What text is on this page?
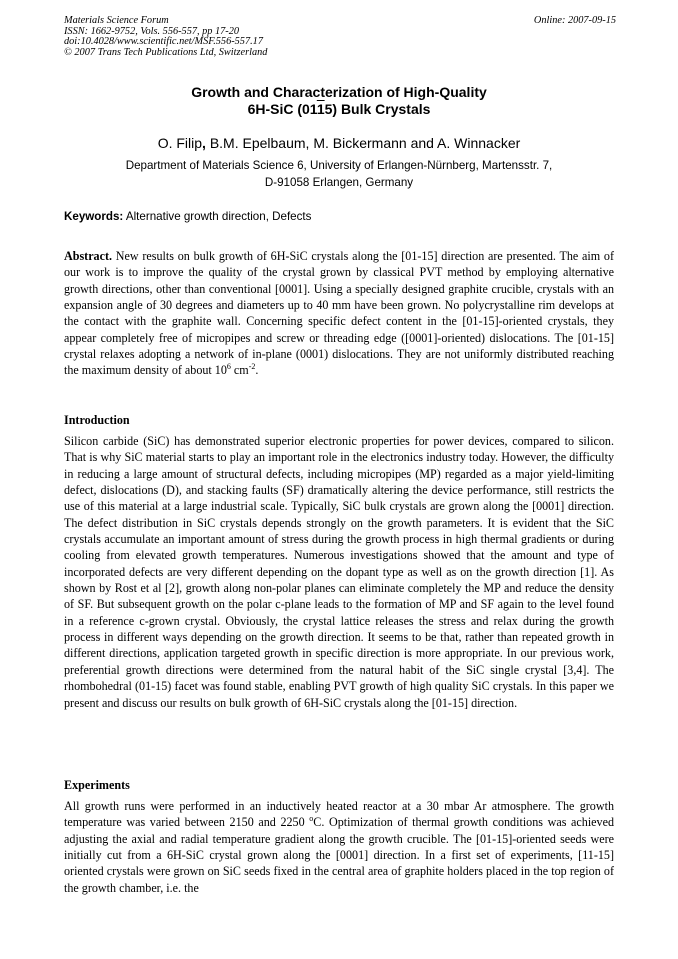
Materials Science Forum
ISSN: 1662-9752, Vols. 556-557, pp 17-20
doi:10.4028/www.scientific.net/MSF.556-557.17
© 2007 Trans Tech Publications Ltd, Switzerland
Online: 2007-09-15
Growth and Characterization of High-Quality
6H-SiC (0115) Bulk Crystals
O. Filip, B.M. Epelbaum, M. Bickermann and A. Winnacker
Department of Materials Science 6, University of Erlangen-Nürnberg, Martensstr. 7,
D-91058 Erlangen, Germany
Keywords: Alternative growth direction, Defects
Abstract. New results on bulk growth of 6H-SiC crystals along the [01-15] direction are presented. The aim of our work is to improve the quality of the crystal grown by classical PVT method by employing alternative growth directions, other than conventional [0001]. Using a specially designed graphite crucible, crystals with an expansion angle of 30 degrees and diameters up to 40 mm have been grown. No polycrystalline rim develops at the contact with the graphite wall. Concerning specific defect content in the [01-15]-oriented crystals, they appear completely free of micropipes and screw or threading edge ([0001]-oriented) dislocations. The [01-15] crystal relaxes adopting a network of in-plane (0001) dislocations. They are not uniformly distributed reaching the maximum density of about $10^6$ $cm^{-2}$.
Introduction
Silicon carbide (SiC) has demonstrated superior electronic properties for power devices, compared to silicon. That is why SiC material starts to play an important role in the electronics industry today. However, the difficulty in reducing a large amount of structural defects, including micropipes (MP) regarded as a major yield-limiting defect, dislocations (D), and stacking faults (SF) dramatically altering the device performance, still restricts the use of this material at a large industrial scale. Typically, SiC bulk crystals are grown along the [0001] direction. The defect distribution in SiC crystals depends strongly on the growth parameters. It is evident that the SiC crystals accumulate an important amount of stress during the growth process in high thermal gradients or during cooling from elevated growth temperatures. Numerous investigations showed that the amount and type of incorporated defects are very different depending on the dopant type as well as on the growth direction [1]. As shown by Rost et al [2], growth along non-polar planes can eliminate completely the MP and reduce the density of SF. But subsequent growth on the polar c-plane leads to the formation of MP and SF again to the level found in a reference c-grown crystal. Obviously, the crystal lattice releases the stress and relax during the growth process in different ways depending on the growth direction. It seems to be that, rather than repeated growth in different directions, application targeted growth in specific direction is more appropriate. In our previous work, preferential growth directions were determined from the natural habit of the SiC single crystal [3,4]. The rhombohedral (01-15) facet was found stable, enabling PVT growth of high quality SiC crystals. In this paper we present and discuss our results on bulk growth of 6H-SiC crystals along the [01-15] direction.
Experiments
All growth runs were performed in an inductively heated reactor at a 30 mbar Ar atmosphere. The growth temperature was varied between 2150 and 2250 $^o$C. Optimization of thermal growth conditions was achieved adjusting the axial and radial temperature gradient along the growth crucible. The [01-15]-oriented seeds were initially cut from a 6H-SiC crystal grown along the [0001] direction. In a first set of experiments, [11-15] oriented crystals were grown on SiC seeds fixed in the central area of graphite holders placed in the top region of the growth chamber, i.e. the
